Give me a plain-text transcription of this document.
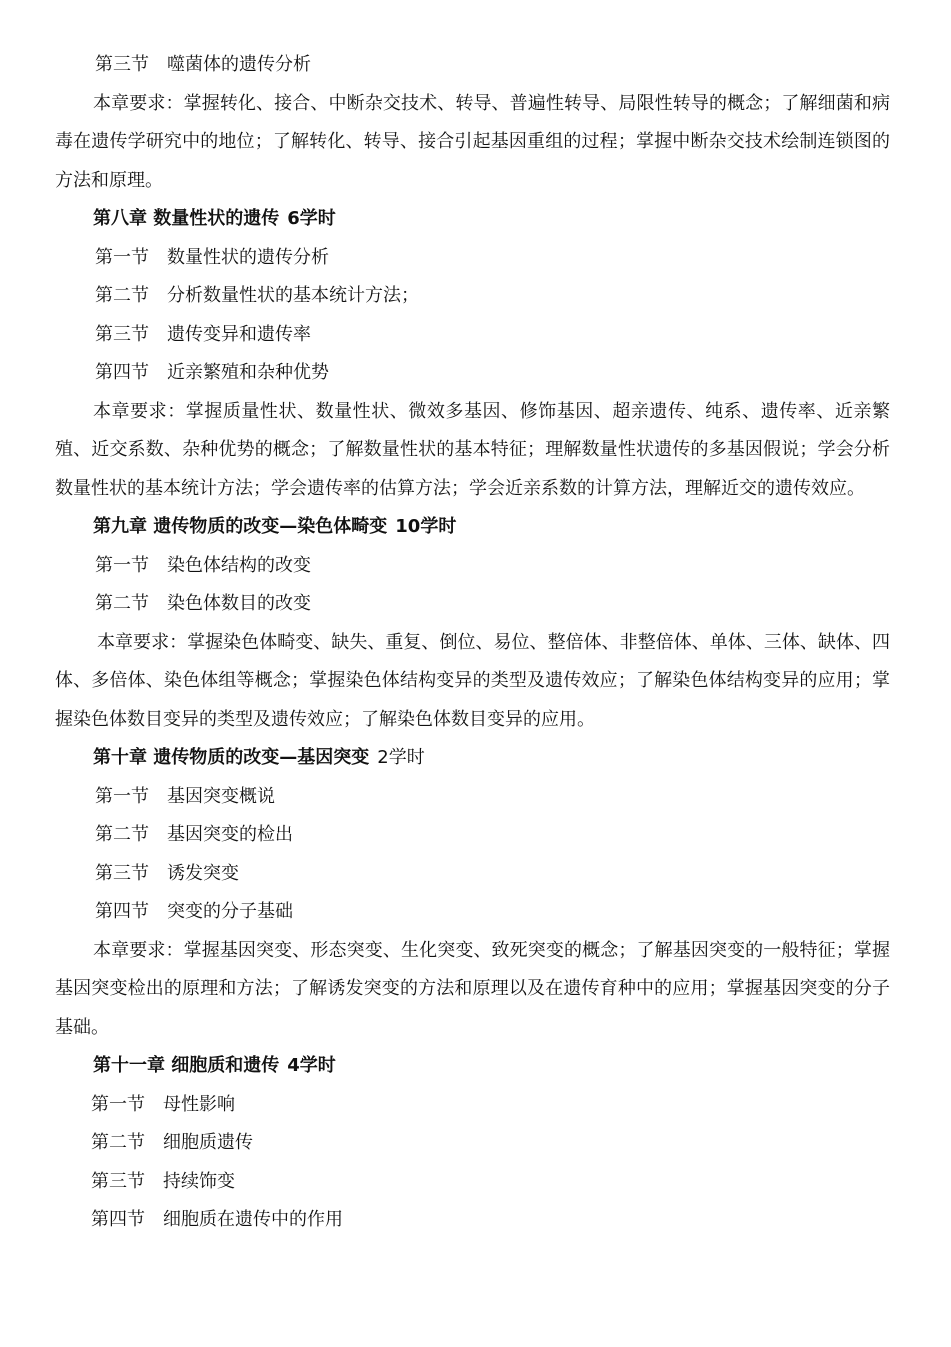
第三节 噬菌体的遗传分析

本章要求：掌握转化、接合、中断杂交技术、转导、普遍性转导、局限性转导的概念；了解细菌和病毒在遗传学研究中的地位；了解转化、转导、接合引起基因重组的过程；掌握中断杂交技术绘制连锁图的方法和原理。

第八章 数量性状的遗传 6学时
第一节 数量性状的遗传分析
第二节 分析数量性状的基本统计方法；
第三节 遗传变异和遗传率
第四节 近亲繁殖和杂种优势

本章要求：掌握质量性状、数量性状、微效多基因、修饰基因、超亲遗传、纯系、遗传率、近亲繁殖、近交系数、杂种优势的概念；了解数量性状的基本特征；理解数量性状遗传的多基因假说；学会分析数量性状的基本统计方法；学会遗传率的估算方法；学会近亲系数的计算方法，理解近交的遗传效应。

第九章 遗传物质的改变—染色体畸变 10学时
第一节 染色体结构的改变
第二节 染色体数目的改变

本章要求：掌握染色体畸变、缺失、重复、倒位、易位、整倍体、非整倍体、单体、三体、缺体、四体、多倍体、染色体组等概念；掌握染色体结构变异的类型及遗传效应；了解染色体结构变异的应用；掌握染色体数目变异的类型及遗传效应；了解染色体数目变异的应用。

第十章 遗传物质的改变—基因突变 2学时
第一节 基因突变概说
第二节 基因突变的检出
第三节 诱发突变
第四节 突变的分子基础

本章要求：掌握基因突变、形态突变、生化突变、致死突变的概念；了解基因突变的一般特征；掌握基因突变检出的原理和方法；了解诱发突变的方法和原理以及在遗传育种中的应用；掌握基因突变的分子基础。

第十一章 细胞质和遗传 4学时
第一节 母性影响
第二节 细胞质遗传
第三节 持续饰变
第四节 细胞质在遗传中的作用
